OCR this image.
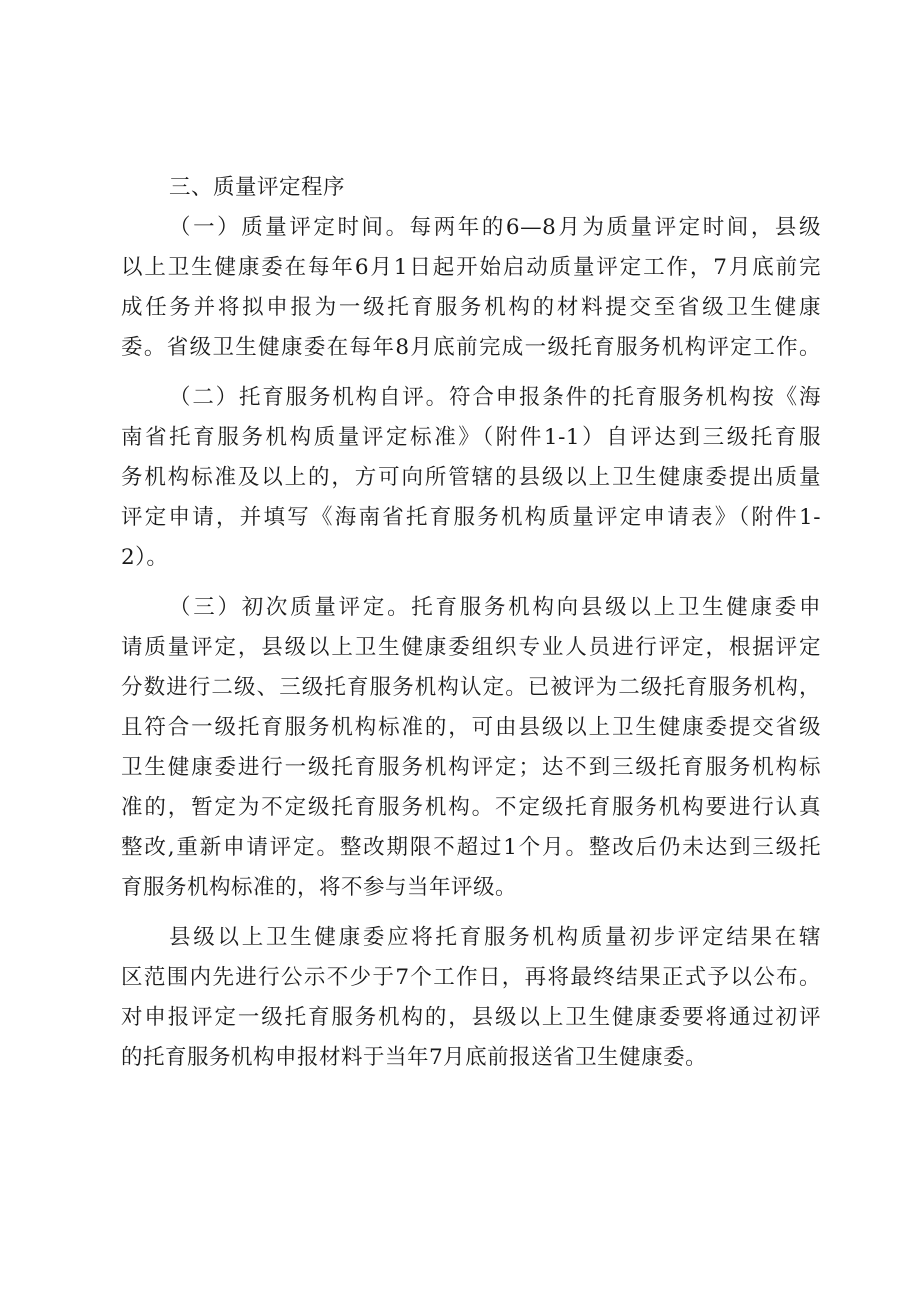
三、质量评定程序
（一）质量评定时间。每两年的6—8月为质量评定时间，县级
以上卫生健康委在每年6月1日起开始启动质量评定工作，7月底前完
成任务并将拟申报为一级托育服务机构的材料提交至省级卫生健康
委。省级卫生健康委在每年8月底前完成一级托育服务机构评定工作。
（二）托育服务机构自评。符合申报条件的托育服务机构按《海
南省托育服务机构质量评定标准》（附件1-1）自评达到三级托育服
务机构标准及以上的，方可向所管辖的县级以上卫生健康委提出质量
评定申请，并填写《海南省托育服务机构质量评定申请表》（附件1-
2）。
（三）初次质量评定。托育服务机构向县级以上卫生健康委申
请质量评定，县级以上卫生健康委组织专业人员进行评定，根据评定
分数进行二级、三级托育服务机构认定。已被评为二级托育服务机构，
且符合一级托育服务机构标准的，可由县级以上卫生健康委提交省级
卫生健康委进行一级托育服务机构评定；达不到三级托育服务机构标
准的，暂定为不定级托育服务机构。不定级托育服务机构要进行认真
整改,重新申请评定。整改期限不超过1个月。整改后仍未达到三级托
育服务机构标准的，将不参与当年评级。
县级以上卫生健康委应将托育服务机构质量初步评定结果在辖
区范围内先进行公示不少于7个工作日，再将最终结果正式予以公布。
对申报评定一级托育服务机构的，县级以上卫生健康委要将通过初评
的托育服务机构申报材料于当年7月底前报送省卫生健康委。
